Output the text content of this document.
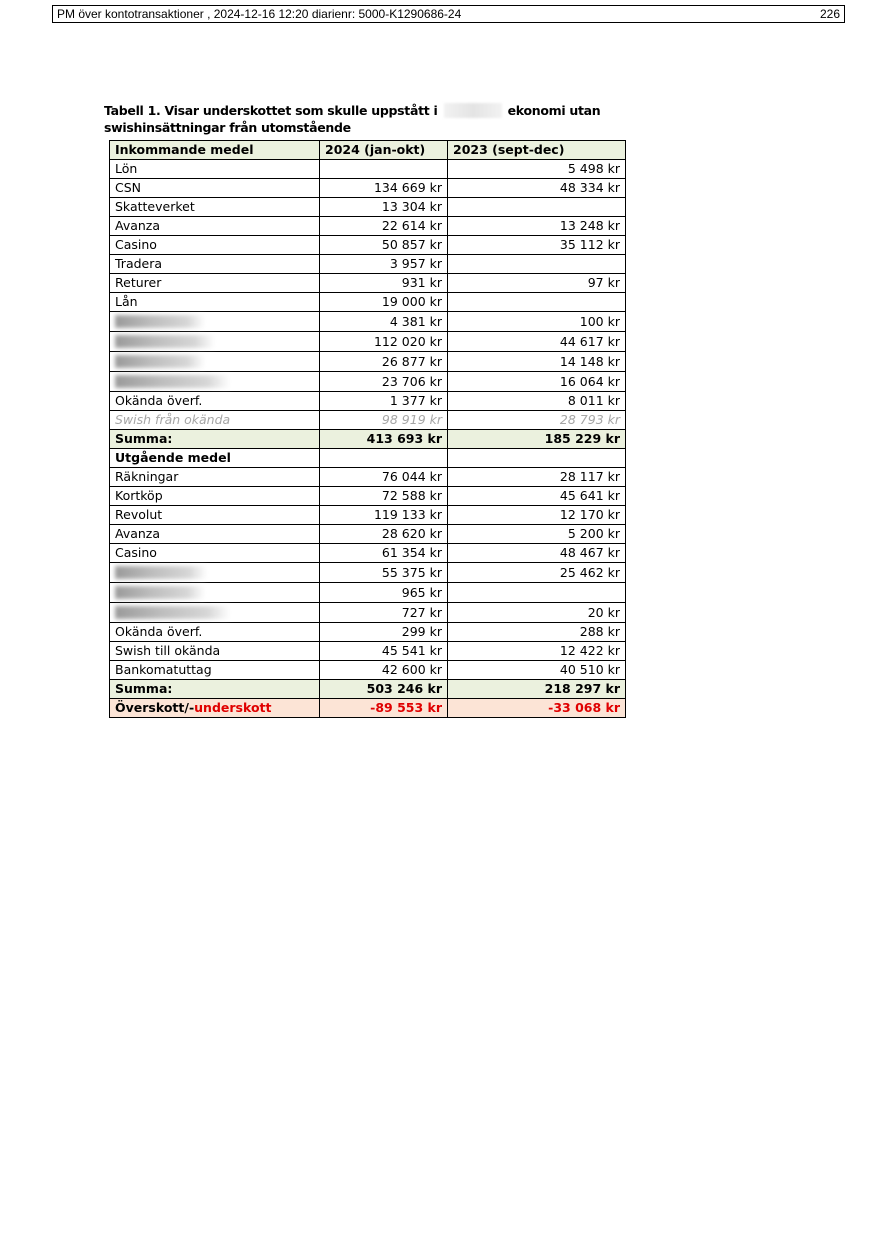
PM över kontotransaktioner , 2024-12-16 12:20 diarienr: 5000-K1290686-24	226
Tabell 1. Visar underskottet som skulle uppstått i	ekonomi utan swishinsättningar från utomstående
Inkommande medel	2024 (jan-okt)	2023 (sept-dec)
Lön		5 498 kr
CSN	134 669 kr	48 334 kr
Skatteverket	13 304 kr	
Avanza	22 614 kr	13 248 kr
Casino	50 857 kr	35 112 kr
Tradera	3 957 kr	
Returer	931 kr	97 kr
Lån	19 000 kr	
	4 381 kr	100 kr
	112 020 kr	44 617 kr
	26 877 kr	14 148 kr
	23 706 kr	16 064 kr
Okända överf.	1 377 kr	8 011 kr
Swish från okända	98 919 kr	28 793 kr
Summa:	413 693 kr	185 229 kr
Utgående medel		
Räkningar	76 044 kr	28 117 kr
Kortköp	72 588 kr	45 641 kr
Revolut	119 133 kr	12 170 kr
Avanza	28 620 kr	5 200 kr
Casino	61 354 kr	48 467 kr
	55 375 kr	25 462 kr
	965 kr	
	727 kr	20 kr
Okända överf.	299 kr	288 kr
Swish till okända	45 541 kr	12 422 kr
Bankomatuttag	42 600 kr	40 510 kr
Summa:	503 246 kr	218 297 kr
Överskott/-underskott	-89 553 kr	-33 068 kr
